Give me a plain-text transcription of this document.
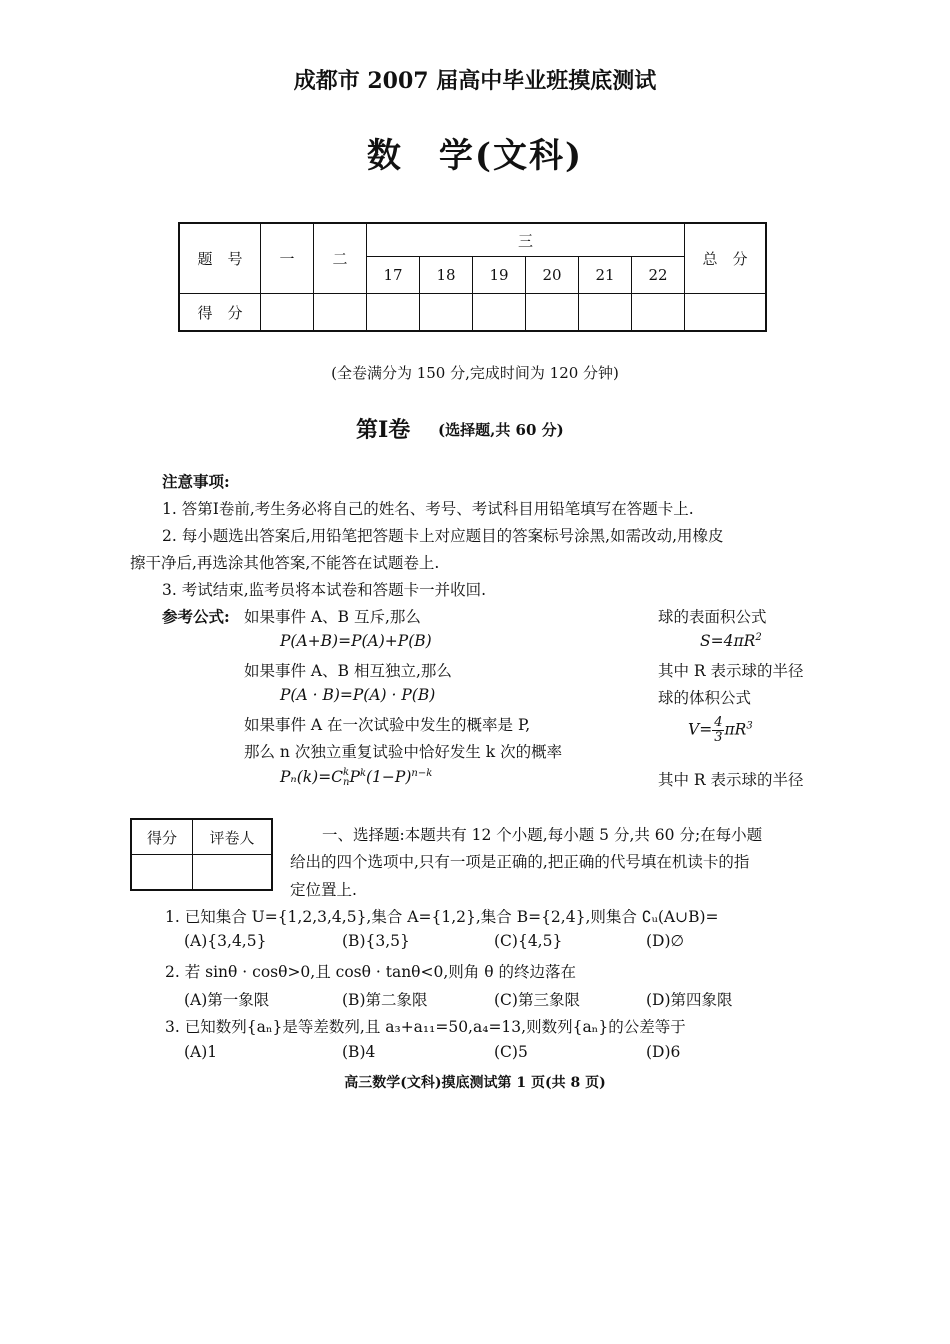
成都市 2007 届高中毕业班摸底测试
数　学(文科)
题　号	一	二	三						总　分
			17	18	19	20	21	22	
得　分									
(全卷满分为 150 分,完成时间为 120 分钟)
第Ⅰ卷 (选择题,共 60 分)
注意事项:
1. 答第Ⅰ卷前,考生务必将自己的姓名、考号、考试科目用铅笔填写在答题卡上.
2. 每小题选出答案后,用铅笔把答题卡上对应题目的答案标号涂黑,如需改动,用橡皮
擦干净后,再选涂其他答案,不能答在试题卷上.
3. 考试结束,监考员将本试卷和答题卡一并收回.
参考公式: 如果事件 A、B 互斥,那么
P(A+B)=P(A)+P(B)
如果事件 A、B 相互独立,那么
P(A · B)=P(A) · P(B)
如果事件 A 在一次试验中发生的概率是 P,
那么 n 次独立重复试验中恰好发生 k 次的概率
Pₙ(k)=C k
n $P^k(1-P)^{n-k}$
球的表面积公式
$S=4\pi R^2$
其中 R 表示球的半径
球的体积公式
$V= \frac{4}{3} \pi R^3$
其中 R 表示球的半径
得分	评卷人
		一、选择题:本题共有 12 个小题,每小题 5 分,共 60 分;在每小题
给出的四个选项中,只有一项是正确的,把正确的代号填在机读卡的指
定位置上.
1. 已知集合 U={1,2,3,4,5},集合 A={1,2},集合 B={2,4},则集合 ∁ᵤ(A∪B)=
(A){3,4,5}	(B){3,5}	(C){4,5}	(D)∅
2. 若 sinθ · cosθ>0,且 cosθ · tanθ<0,则角 θ 的终边落在
(A)第一象限	(B)第二象限	(C)第三象限	(D)第四象限
3. 已知数列{aₙ}是等差数列,且 a₃+a₁₁=50,a₄=13,则数列{aₙ}的公差等于
(A)1	(B)4	(C)5	(D)6
高三数学(文科)摸底测试第 1 页(共 8 页)
